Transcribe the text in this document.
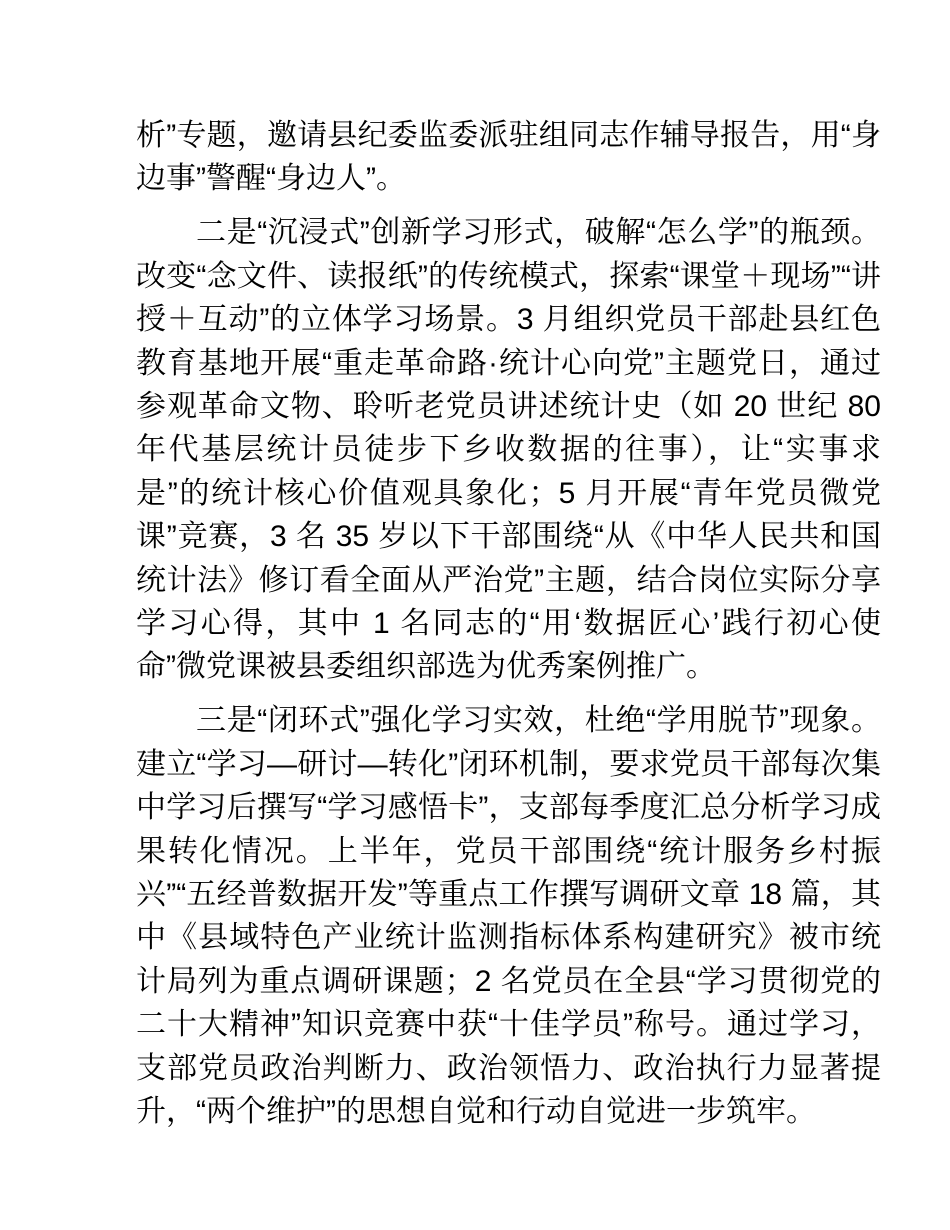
析”专题，邀请县纪委监委派驻组同志作辅导报告，用“身边事”警醒“身边人”。

二是“沉浸式”创新学习形式，破解“怎么学”的瓶颈。改变“念文件、读报纸”的传统模式，探索“课堂＋现场”“讲授＋互动”的立体学习场景。3 月组织党员干部赴县红色教育基地开展“重走革命路·统计心向党”主题党日，通过参观革命文物、聆听老党员讲述统计史（如 20 世纪 80 年代基层统计员徒步下乡收数据的往事），让“实事求是”的统计核心价值观具象化；5 月开展“青年党员微党课”竞赛，3 名 35 岁以下干部围绕“从《中华人民共和国统计法》修订看全面从严治党”主题，结合岗位实际分享学习心得，其中 1 名同志的“用‘数据匠心’践行初心使命”微党课被县委组织部选为优秀案例推广。

三是“闭环式”强化学习实效，杜绝“学用脱节”现象。建立“学习—研讨—转化”闭环机制，要求党员干部每次集中学习后撰写“学习感悟卡”，支部每季度汇总分析学习成果转化情况。上半年，党员干部围绕“统计服务乡村振兴”“五经普数据开发”等重点工作撰写调研文章 18 篇，其中《县域特色产业统计监测指标体系构建研究》被市统计局列为重点调研课题；2 名党员在全县“学习贯彻党的二十大精神”知识竞赛中获“十佳学员”称号。通过学习，支部党员政治判断力、政治领悟力、政治执行力显著提升，“两个维护”的思想自觉和行动自觉进一步筑牢。
